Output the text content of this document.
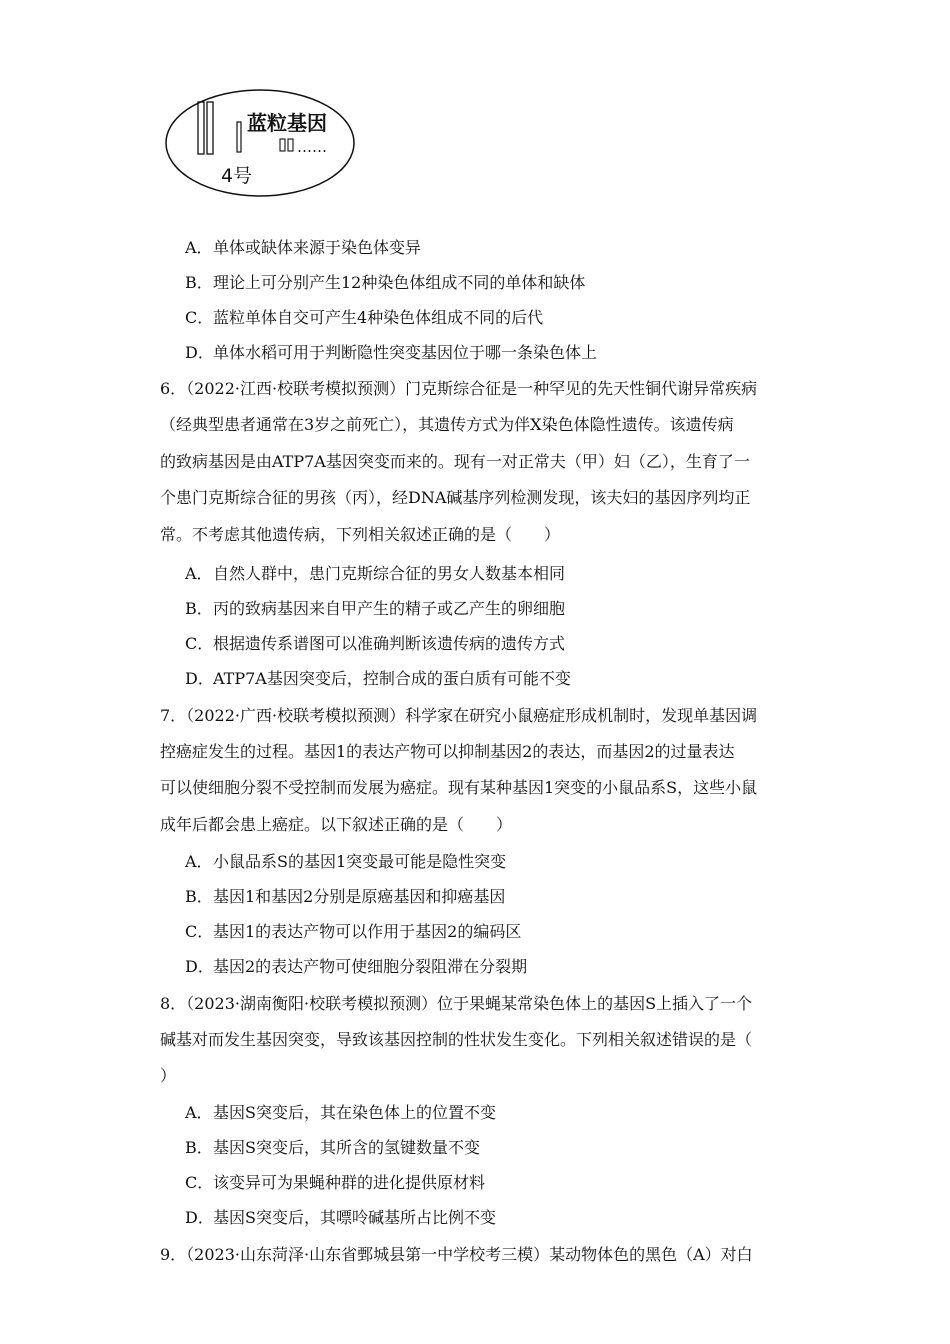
蓝粒基因
……
4号
A．单体或缺体来源于染色体变异
B．理论上可分别产生12种染色体组成不同的单体和缺体
C．蓝粒单体自交可产生4种染色体组成不同的后代
D．单体水稻可用于判断隐性突变基因位于哪一条染色体上
6．（2022·江西·校联考模拟预测）门克斯综合征是一种罕见的先天性铜代谢异常疾病
（经典型患者通常在3岁之前死亡），其遗传方式为伴X染色体隐性遗传。该遗传病
的致病基因是由ATP7A基因突变而来的。现有一对正常夫（甲）妇（乙），生育了一
个患门克斯综合征的男孩（丙），经DNA碱基序列检测发现，该夫妇的基因序列均正
常。不考虑其他遗传病，下列相关叙述正确的是（　　）
A．自然人群中，患门克斯综合征的男女人数基本相同
B．丙的致病基因来自甲产生的精子或乙产生的卵细胞
C．根据遗传系谱图可以准确判断该遗传病的遗传方式
D．ATP7A基因突变后，控制合成的蛋白质有可能不变
7．（2022·广西·校联考模拟预测）科学家在研究小鼠癌症形成机制时，发现单基因调
控癌症发生的过程。基因1的表达产物可以抑制基因2的表达，而基因2的过量表达
可以使细胞分裂不受控制而发展为癌症。现有某种基因1突变的小鼠品系S，这些小鼠
成年后都会患上癌症。以下叙述正确的是（　　）
A．小鼠品系S的基因1突变最可能是隐性突变
B．基因1和基因2分别是原癌基因和抑癌基因
C．基因1的表达产物可以作用于基因2的编码区
D．基因2的表达产物可使细胞分裂阻滞在分裂期
8．（2023·湖南衡阳·校联考模拟预测）位于果蝇某常染色体上的基因S上插入了一个
碱基对而发生基因突变，导致该基因控制的性状发生变化。下列相关叙述错误的是（
）
A．基因S突变后，其在染色体上的位置不变
B．基因S突变后，其所含的氢键数量不变
C．该变异可为果蝇种群的进化提供原材料
D．基因S突变后，其嘌呤碱基所占比例不变
9．（2023·山东菏泽·山东省鄄城县第一中学校考三模）某动物体色的黑色（A）对白
